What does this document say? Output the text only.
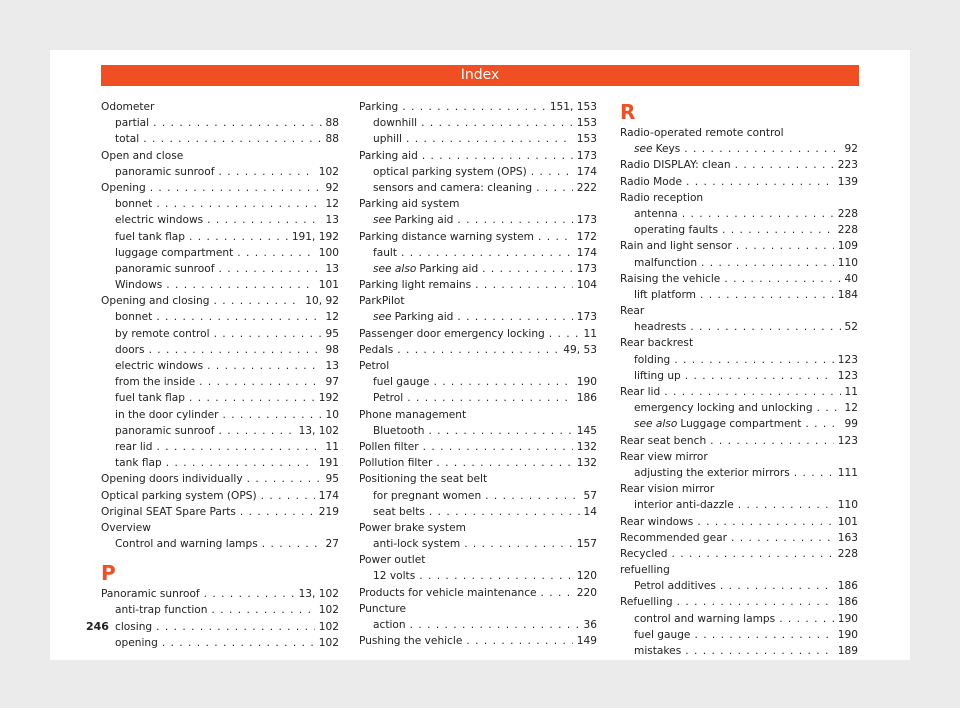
Index
Odometer
partial . . .	88
total . . .	88
Open and close
panoramic sunroof . . .	102
Opening . . .	92
bonnet . . .	12
electric windows . . .	13
fuel tank flap . . .	191, 192
luggage compartment . . .	100
panoramic sunroof . . .	13
Windows . . .	101
Opening and closing . . .	10, 92
bonnet . . .	12
by remote control . . .	95
doors . . .	98
electric windows . . .	13
from the inside . . .	97
fuel tank flap . . .	192
in the door cylinder . . .	10
panoramic sunroof . . .	13, 102
rear lid . . .	11
tank flap . . .	191
Opening doors individually . . .	95
Optical parking system (OPS) . . .	174
Original SEAT Spare Parts . . .	219
Overview
Control and warning lamps . . .	27
P
Panoramic sunroof . . .	13, 102
anti-trap function . . .	102
closing . . .	102
opening . . .	102
Parking . . .	151, 153
downhill . . .	153
uphill . . .	153
Parking aid . . .	173
optical parking system (OPS) . . .	174
sensors and camera: cleaning . . .	222
Parking aid system
see Parking aid . . .	173
Parking distance warning system . . .	172
fault . . .	174
see also Parking aid . . .	173
Parking light remains . . .	104
ParkPilot
see Parking aid . . .	173
Passenger door emergency locking . . .	11
Pedals . . .	49, 53
Petrol
fuel gauge . . .	190
Petrol . . .	186
Phone management
Bluetooth . . .	145
Pollen filter . . .	132
Pollution filter . . .	132
Positioning the seat belt
for pregnant women . . .	57
seat belts . . .	14
Power brake system
anti-lock system . . .	157
Power outlet
12 volts . . .	120
Products for vehicle maintenance . . .	220
Puncture
action . . .	36
Pushing the vehicle . . .	149
R
Radio-operated remote control
see Keys . . .	92
Radio DISPLAY: clean . . .	223
Radio Mode . . .	139
Radio reception
antenna . . .	228
operating faults . . .	228
Rain and light sensor . . .	109
malfunction . . .	110
Raising the vehicle . . .	40
lift platform . . .	184
Rear
headrests . . .	52
Rear backrest
folding . . .	123
lifting up . . .	123
Rear lid . . .	11
emergency locking and unlocking . . .	12
see also Luggage compartment . . .	99
Rear seat bench . . .	123
Rear view mirror
adjusting the exterior mirrors . . .	111
Rear vision mirror
interior anti-dazzle . . .	110
Rear windows . . .	101
Recommended gear . . .	163
Recycled . . .	228
refuelling
Petrol additives . . .	186
Refuelling . . .	186
control and warning lamps . . .	190
fuel gauge . . .	190
mistakes . . .	189
246
